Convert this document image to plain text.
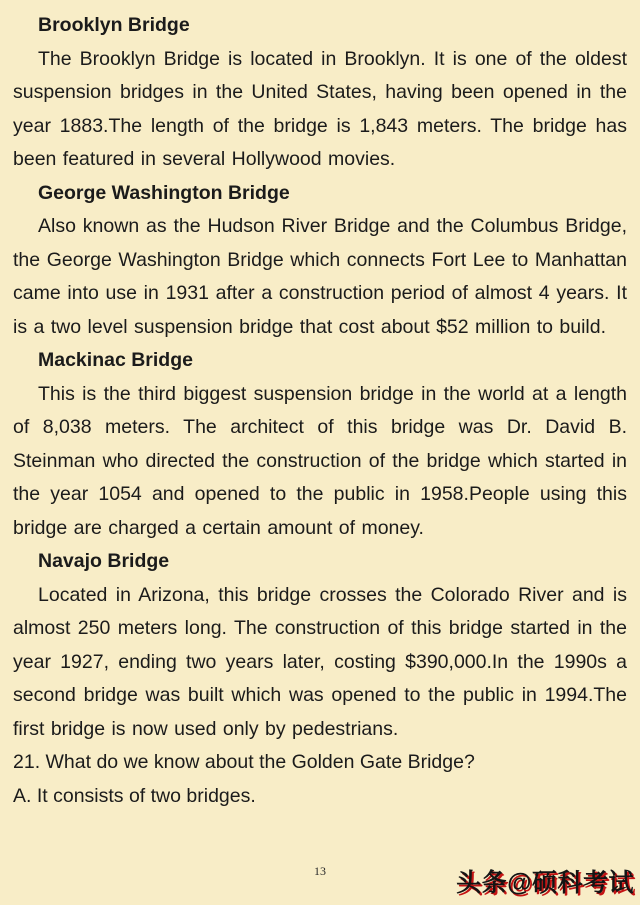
Brooklyn Bridge

The Brooklyn Bridge is located in Brooklyn. It is one of the oldest suspension bridges in the United States, having been opened in the year 1883.The length of the bridge is 1,843 meters. The bridge has been featured in several Hollywood movies.

George Washington Bridge

Also known as the Hudson River Bridge and the Columbus Bridge, the George Washington Bridge which connects Fort Lee to Manhattan came into use in 1931 after a construction period of almost 4 years. It is a two level suspension bridge that cost about $52 million to build.

Mackinac Bridge

This is the third biggest suspension bridge in the world at a length of 8,038 meters. The architect of this bridge was Dr. David B. Steinman who directed the construction of the bridge which started in the year 1054 and opened to the public in 1958.People using this bridge are charged a certain amount of money.

Navajo Bridge

Located in Arizona, this bridge crosses the Colorado River and is almost 250 meters long. The construction of this bridge started in the year 1927, ending two years later, costing $390,000.In the 1990s a second bridge was built which was opened to the public in 1994.The first bridge is now used only by pedestrians.

21. What do we know about the Golden Gate Bridge?

A. It consists of two bridges.

13	头条@硕科考试
